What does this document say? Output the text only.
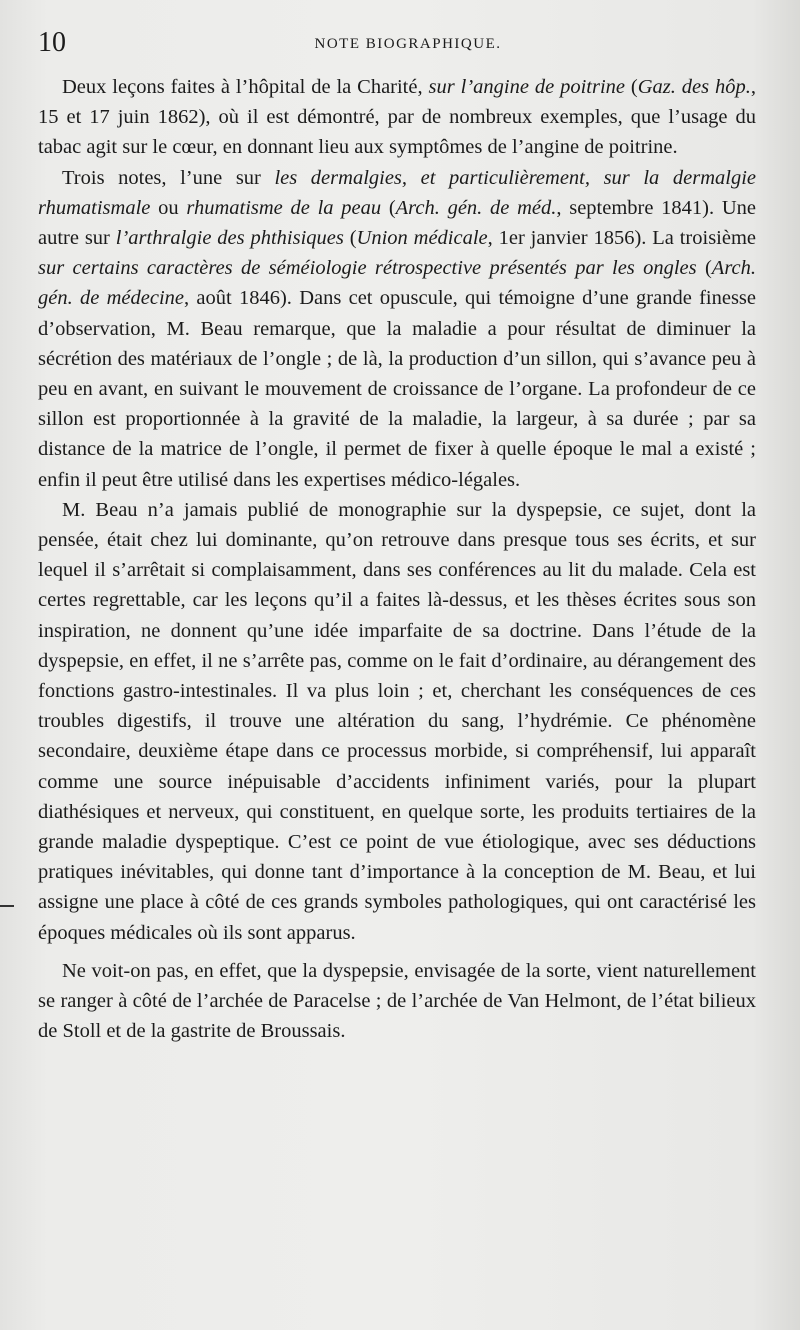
10	NOTE BIOGRAPHIQUE.

Deux leçons faites à l’hôpital de la Charité, sur l’angine de poitrine (Gaz. des hôp., 15 et 17 juin 1862), où il est démontré, par de nombreux exemples, que l’usage du tabac agit sur le cœur, en donnant lieu aux symptômes de l’angine de poitrine.

Trois notes, l’une sur les dermalgies, et particulièrement, sur la dermalgie rhumatismale ou rhumatisme de la peau (Arch. gén. de méd., septembre 1841). Une autre sur l’arthralgie des phthisiques (Union médicale, 1er janvier 1856). La troisième sur certains caractères de séméiologie rétrospective présentés par les ongles (Arch. gén. de médecine, août 1846). Dans cet opuscule, qui témoigne d’une grande finesse d’observation, M. Beau remarque, que la maladie a pour résultat de diminuer la sécrétion des matériaux de l’ongle ; de là, la production d’un sillon, qui s’avance peu à peu en avant, en suivant le mouvement de croissance de l’organe. La profondeur de ce sillon est proportionnée à la gravité de la maladie, la largeur, à sa durée ; par sa distance de la matrice de l’ongle, il permet de fixer à quelle époque le mal a existé ; enfin il peut être utilisé dans les expertises médico-légales.

M. Beau n’a jamais publié de monographie sur la dyspepsie, ce sujet, dont la pensée, était chez lui dominante, qu’on retrouve dans presque tous ses écrits, et sur lequel il s’arrêtait si complaisamment, dans ses conférences au lit du malade. Cela est certes regrettable, car les leçons qu’il a faites là-dessus, et les thèses écrites sous son inspiration, ne donnent qu’une idée imparfaite de sa doctrine. Dans l’étude de la dyspepsie, en effet, il ne s’arrête pas, comme on le fait d’ordinaire, au dérangement des fonctions gastro-intestinales. Il va plus loin ; et, cherchant les conséquences de ces troubles digestifs, il trouve une altération du sang, l’hydrémie. Ce phénomène secondaire, deuxième étape dans ce processus morbide, si compréhensif, lui apparaît comme une source inépuisable d’accidents infiniment variés, pour la plupart diathésiques et nerveux, qui constituent, en quelque sorte, les produits tertiaires de la grande maladie dyspeptique. C’est ce point de vue étiologique, avec ses déductions pratiques inévitables, qui donne tant d’importance à la conception de M. Beau, et lui assigne une place à côté de ces grands symboles pathologiques, qui ont caractérisé les époques médicales où ils sont apparus.

Ne voit-on pas, en effet, que la dyspepsie, envisagée de la sorte, vient naturellement se ranger à côté de l’archée de Paracelse ; de l’archée de Van Helmont, de l’état bilieux de Stoll et de la gastrite de Broussais.
